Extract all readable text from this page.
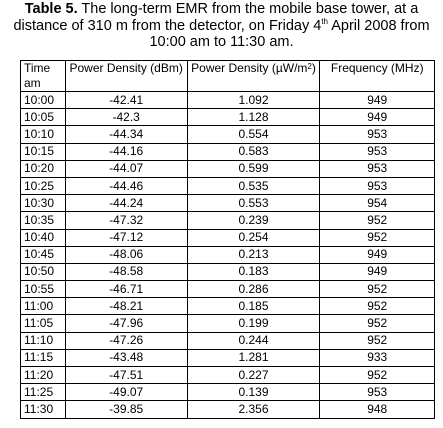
Table 5. The long-term EMR from the mobile base tower, at a distance of 310 m from the detector, on Friday 4th April 2008 from 10:00 am to 11:30 am.
Time
am	Power Density (dBm)	Power Density $(\mu W/m^2)$	Frequency (MHz)
10:00	-42.41	1.092	949
10:05	-42.3	1.128	949
10:10	-44.34	0.554	953
10:15	-44.16	0.583	953
10:20	-44.07	0.599	953
10:25	-44.46	0.535	953
10:30	-44.24	0.553	954
10:35	-47.32	0.239	952
10:40	-47.12	0.254	952
10:45	-48.06	0.213	949
10:50	-48.58	0.183	949
10:55	-46.71	0.286	952
11:00	-48.21	0.185	952
11:05	-47.96	0.199	952
11:10	-47.26	0.244	952
11:15	-43.48	1.281	933
11:20	-47.51	0.227	952
11:25	-49.07	0.139	953
11:30	-39.85	2.356	948
